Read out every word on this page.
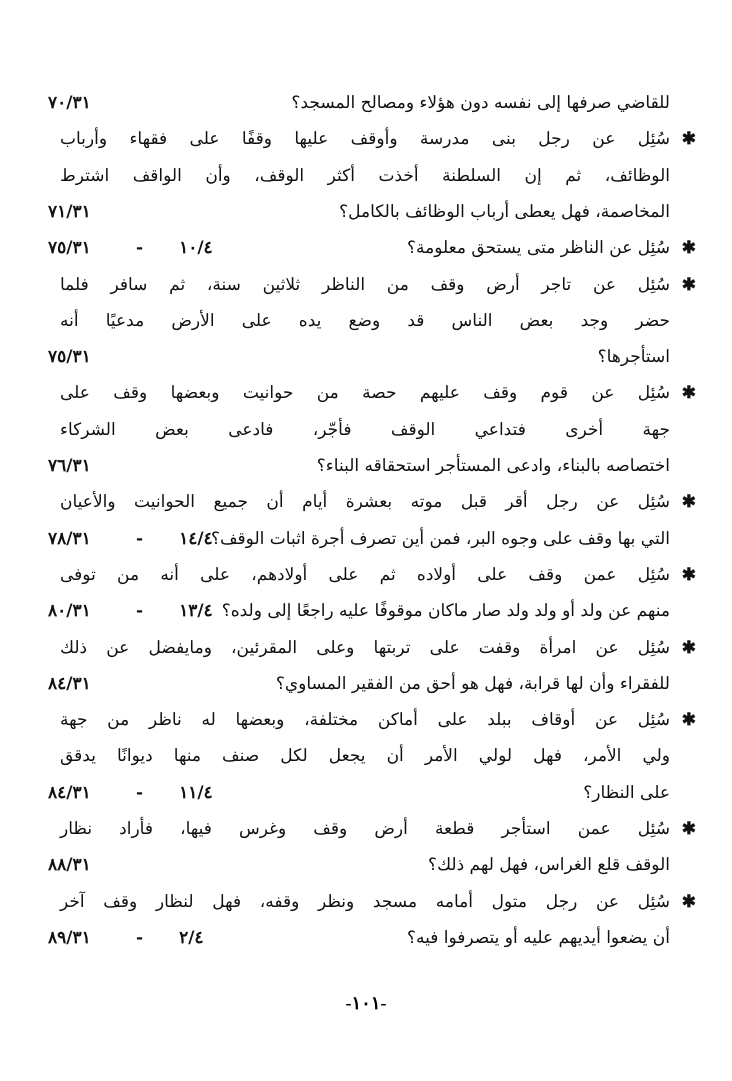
للقاضي صرفها إلى نفسه دون هؤلاء ومصالح المسجد؟
٧٠/٣١
✱
سُئِل عن رجل بنى مدرسة وأوقف عليها وقفًا على فقهاء وأرباب
الوظائف، ثم إن السلطنة أخذت أكثر الوقف، وأن الواقف اشترط
المخاصمة، فهل يعطى أرباب الوظائف بالكامل؟
٧١/٣١
✱
سُئِل عن الناظر متى يستحق معلومة؟
٧٥/٣١	- ١٠/٤
✱
سُئِل عن تاجر أرض وقف من الناظر ثلاثين سنة، ثم سافر فلما
حضر وجد بعض الناس قد وضع يده على الأرض مدعيًا أنه
استأجرها؟
٧٥/٣١
✱
سُئِل عن قوم وقف عليهم حصة من حوانيت وبعضها وقف على
جهة أخرى فتداعي الوقف فأجّر، فادعى بعض الشركاء
اختصاصه بالبناء، وادعى المستأجر استحقاقه البناء؟
٧٦/٣١
✱
سُئِل عن رجل أقر قبل موته بعشرة أيام أن جميع الحوانيت والأعيان
التي بها وقف على وجوه البر، فمن أين تصرف أجرة اثبات الوقف؟
٧٨/٣١	- ١٤/٤
✱
سُئِل عمن وقف على أولاده ثم على أولادهم، على أنه من توفى
منهم عن ولد أو ولد ولد صار ماكان موقوفًا عليه راجعًا إلى ولده؟
٨٠/٣١	- ١٣/٤
✱
سُئِل عن امرأة وقفت على تربتها وعلى المقرئين، ومايفضل عن ذلك
للفقراء وأن لها قرابة، فهل هو أحق من الفقير المساوي؟
٨٤/٣١
✱
سُئِل عن أوقاف ببلد على أماكن مختلفة، وبعضها له ناظر من جهة
ولي الأمر، فهل لولي الأمر أن يجعل لكل صنف منها ديوانًا يدقق
على النظار؟
٨٤/٣١	- ١١/٤
✱
سُئِل عمن استأجر قطعة أرض وقف وغرس فيها، فأراد نظار
الوقف قلع الغراس، فهل لهم ذلك؟
٨٨/٣١
✱
سُئِل عن رجل متول أمامه مسجد ونظر وقفه، فهل لنظار وقف آخر
أن يضعوا أيديهم عليه أو يتصرفوا فيه؟
٨٩/٣١	- ٢/٤
-١٠١-
